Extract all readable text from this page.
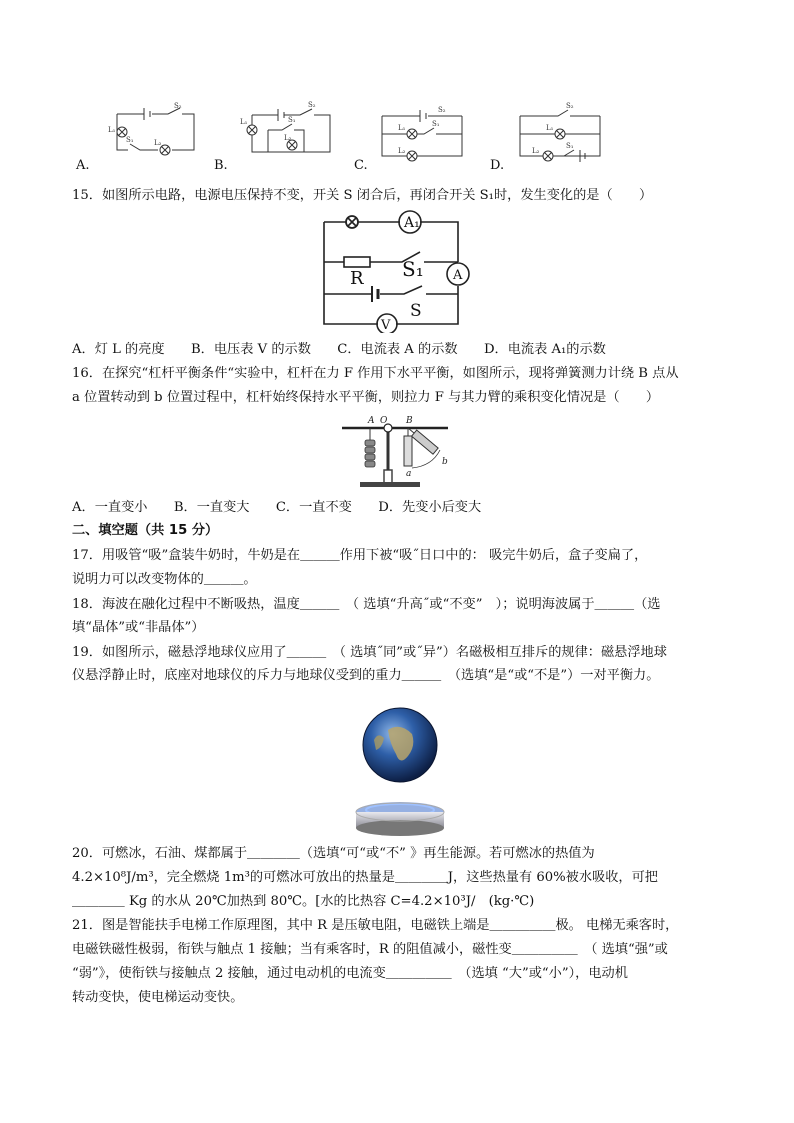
A.
L₁
L₂
S₁
S₂
B.
L₁
L₂
S₁
S₂
C.
L₁
L₂
S₁
S₂
D.
L₁
L₂
S₁
S₂
15．如图所示电路，电源电压保持不变，开关 S 闭合后，再闭合开关 S₁时，发生变化的是（　　）
A₁
R S₁ A
S
V
A．灯 L 的亮度　　B．电压表 V 的示数　　C．电流表 A 的示数　　D．电流表 A₁的示数
16．在探究“杠杆平衡条件“实验中，杠杆在力 F 作用下水平平衡，如图所示，现将弹簧测力计绕 B 点从
a 位置转动到 b 位置过程中，杠杆始终保持水平平衡，则拉力 F 与其力臂的乘积变化情况是（　　）
A O B
a
b
A．一直变小　　B．一直变大　　C．一直不变　　D．先变小后变大
二、填空题（共 15 分）
17．用吸管“吸”盒装牛奶时，牛奶是在＿＿＿作用下被“吸˝日口中的： 吸完牛奶后，盒子变扁了，
说明力可以改变物体的＿＿＿。
18．海波在融化过程中不断吸热，温度＿＿＿　（ 选填“升高˝或“不变”　）；说明海波属于＿＿＿（选
填“晶体”或“非晶体”）
19．如图所示，磁悬浮地球仪应用了＿＿＿　（ 选填˝同”或˝异”）名磁极相互排斥的规律：磁悬浮地球
仪悬浮静止时，底座对地球仪的斥力与地球仪受到的重力＿＿＿　（选填“是“或“不是”）一对平衡力。
20．可燃冰，石油、煤都属于＿＿＿＿（选填“可“或“不” 》再生能源。若可燃冰的热值为
4.2×10⁸J/m³，完全燃烧 1m³的可燃冰可放出的热量是＿＿＿＿J，这些热量有 60%被水吸收，可把
＿＿＿＿ Kg 的水从 20℃加热到 80℃。[水的比热容 C=4.2×10³J/　(kg·℃)
21．图是智能扶手电梯工作原理图，其中 R 是压敏电阻，电磁铁上端是＿＿＿＿＿极。 电梯无乘客时，
电磁铁磁性极弱，衔铁与触点 1 接触；当有乘客时，R 的阻值减小，磁性变＿＿＿＿＿　（ 选填“强”或
“弱”》，使衔铁与接触点 2 接触，通过电动机的电流变＿＿＿＿＿　（选填 “大”或“小”），电动机
转动变快，使电梯运动变快。
